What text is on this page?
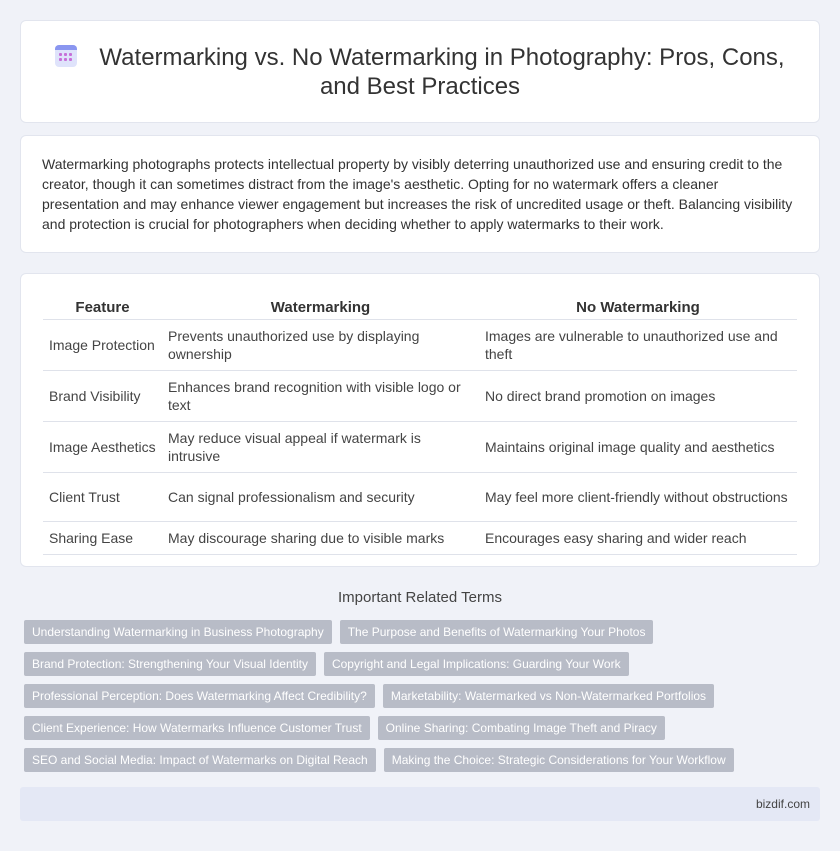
Watermarking vs. No Watermarking in Photography: Pros, Cons, and Best Practices

Watermarking photographs protects intellectual property by visibly deterring unauthorized use and ensuring credit to the creator, though it can sometimes distract from the image's aesthetic. Opting for no watermark offers a cleaner presentation and may enhance viewer engagement but increases the risk of uncredited usage or theft. Balancing visibility and protection is crucial for photographers when deciding whether to apply watermarks to their work.

Feature	Watermarking	No Watermarking
Image Protection	Prevents unauthorized use by displaying ownership	Images are vulnerable to unauthorized use and theft
Brand Visibility	Enhances brand recognition with visible logo or text	No direct brand promotion on images
Image Aesthetics	May reduce visual appeal if watermark is intrusive	Maintains original image quality and aesthetics
Client Trust	Can signal professionalism and security	May feel more client-friendly without obstructions
Sharing Ease	May discourage sharing due to visible marks	Encourages easy sharing and wider reach
Important Related Terms
Understanding Watermarking in Business Photography	The Purpose and Benefits of Watermarking Your Photos
Brand Protection: Strengthening Your Visual Identity	Copyright and Legal Implications: Guarding Your Work
Professional Perception: Does Watermarking Affect Credibility?	Marketability: Watermarked vs Non-Watermarked Portfolios
Client Experience: How Watermarks Influence Customer Trust	Online Sharing: Combating Image Theft and Piracy
SEO and Social Media: Impact of Watermarks on Digital Reach	Making the Choice: Strategic Considerations for Your Workflow
bizdif.com
